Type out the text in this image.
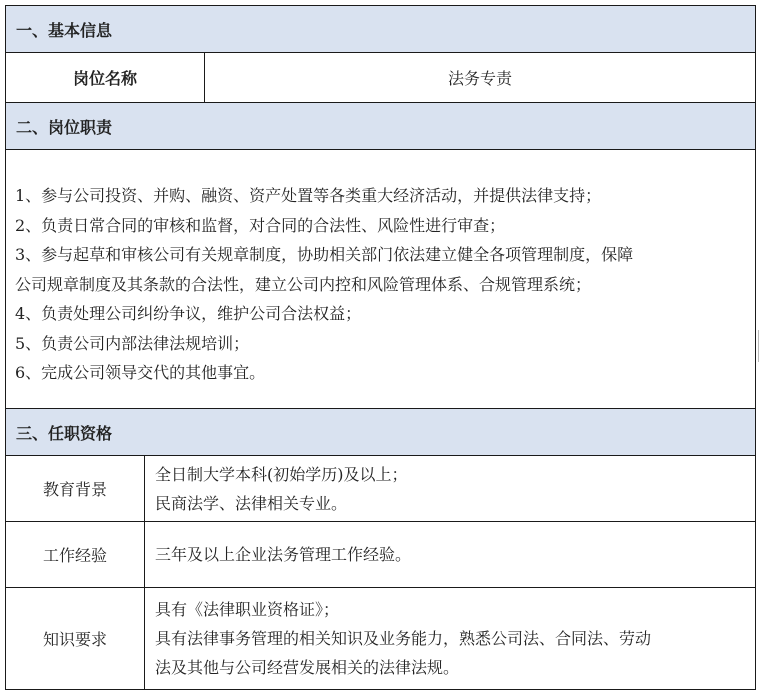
一、基本信息
岗位名称	法务专责
二、岗位职责
1、参与公司投资、并购、融资、资产处置等各类重大经济活动，并提供法律支持；
2、负责日常合同的审核和监督，对合同的合法性、风险性进行审查；
3、参与起草和审核公司有关规章制度，协助相关部门依法建立健全各项管理制度，保障
公司规章制度及其条款的合法性，建立公司内控和风险管理体系、合规管理系统；
4、负责处理公司纠纷争议，维护公司合法权益；
5、负责公司内部法律法规培训；
6、完成公司领导交代的其他事宜。
三、任职资格
教育背景
全日制大学本科(初始学历)及以上；
民商法学、法律相关专业。
工作经验	三年及以上企业法务管理工作经验。
知识要求
具有《法律职业资格证》；
具有法律事务管理的相关知识及业务能力，熟悉公司法、合同法、劳动
法及其他与公司经营发展相关的法律法规。
